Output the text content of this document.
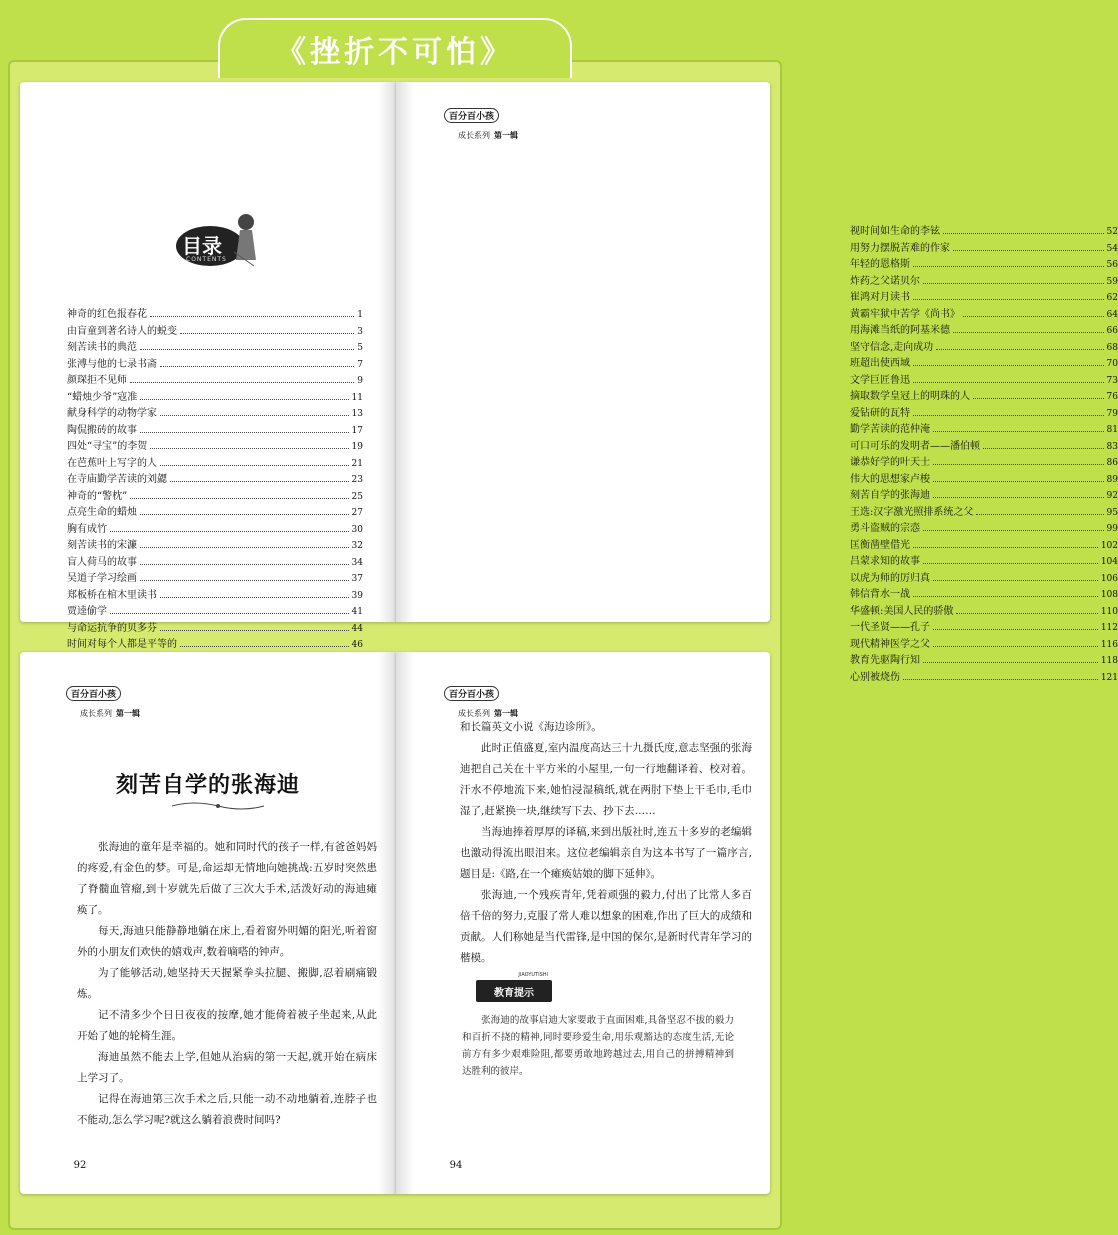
《挫折不可怕》
目录
CONTENTS
神奇的红色报春花	1
由盲童到著名诗人的蜕变	3
刻苦读书的典范	5
张溥与他的七录书斋	7
颜琛拒不见师	9
“蜡烛少爷”寇准	11
献身科学的动物学家	13
陶侃搬砖的故事	17
四处“寻宝”的李贺	19
在芭蕉叶上写字的人	21
在寺庙勤学苦读的刘勰	23
神奇的“警枕”	25
点亮生命的蜡烛	27
胸有成竹	30
刻苦读书的宋濂	32
盲人荷马的故事	34
吴道子学习绘画	37
郑板桥在棺木里读书	39
贾逵偷学	41
与命运抗争的贝多芬	44
时间对每个人都是平等的	46
百分百小孩
成长系列 第一辑
视时间如生命的李铉	52
用努力摆脱苦难的作家	54
年轻的恩格斯	56
炸药之父诺贝尔	59
崔鸿对月读书	62
黄霸牢狱中苦学《尚书》	64
用海滩当纸的阿基米德	66
坚守信念,走向成功	68
班超出使西域	70
文学巨匠鲁迅	73
摘取数学皇冠上的明珠的人	76
爱钻研的瓦特	79
勤学苦读的范仲淹	81
可口可乐的发明者——潘伯顿	83
谦恭好学的叶天士	86
伟大的思想家卢梭	89
刻苦自学的张海迪	92
王选:汉字激光照排系统之父	95
勇斗盗贼的宗悫	99
匡衡凿壁借光	102
吕蒙求知的故事	104
以虎为师的厉归真	106
韩信背水一战	108
华盛顿:美国人民的骄傲	110
一代圣贤——孔子	112
现代精神医学之父	116
教育先驱陶行知	118
心别被烧伤	121
百分百小孩
成长系列 第一辑
刻苦自学的张海迪

张海迪的童年是幸福的。她和同时代的孩子一样,有爸爸妈妈的疼爱,有金色的梦。可是,命运却无情地向她挑战:五岁时突然患了脊髓血管瘤,到十岁就先后做了三次大手术,活泼好动的海迪瘫痪了。

每天,海迪只能静静地躺在床上,看着窗外明媚的阳光,听着窗外的小朋友们欢快的嬉戏声,数着嘀嗒的钟声。

为了能够活动,她坚持天天握紧拳头拉腿、搬脚,忍着刷痛锻炼。

记不清多少个日日夜夜的按摩,她才能倚着被子坐起来,从此开始了她的轮椅生涯。

海迪虽然不能去上学,但她从治病的第一天起,就开始在病床上学习了。

记得在海迪第三次手术之后,只能一动不动地躺着,连脖子也不能动,怎么学习呢?就这么躺着浪费时间吗?

92
百分百小孩
成长系列 第一辑

和长篇英文小说《海边诊所》。

此时正值盛夏,室内温度高达三十九摄氏度,意志坚强的张海迪把自己关在十平方米的小屋里,一句一行地翻译着、校对着。汗水不停地流下来,她怕浸湿稿纸,就在两肘下垫上干毛巾,毛巾湿了,赶紧换一块,继续写下去、抄下去……

当海迪捧着厚厚的译稿,来到出版社时,连五十多岁的老编辑也激动得流出眼泪来。这位老编辑亲自为这本书写了一篇序言,题目是:《路,在一个瘫痪姑娘的脚下延伸》。

张海迪,一个残疾青年,凭着顽强的毅力,付出了比常人多百倍千倍的努力,克服了常人难以想象的困难,作出了巨大的成绩和贡献。人们称她是当代雷锋,是中国的保尔,是新时代青年学习的楷模。

JIAOYUTISHI
教育提示
张海迪的故事启迪大家要敢于直面困难,具备坚忍不拔的毅力和百折不挠的精神,同时要珍爱生命,用乐观豁达的态度生活,无论前方有多少艰难险阻,都要勇敢地跨越过去,用自己的拼搏精神到达胜利的彼岸。
94
